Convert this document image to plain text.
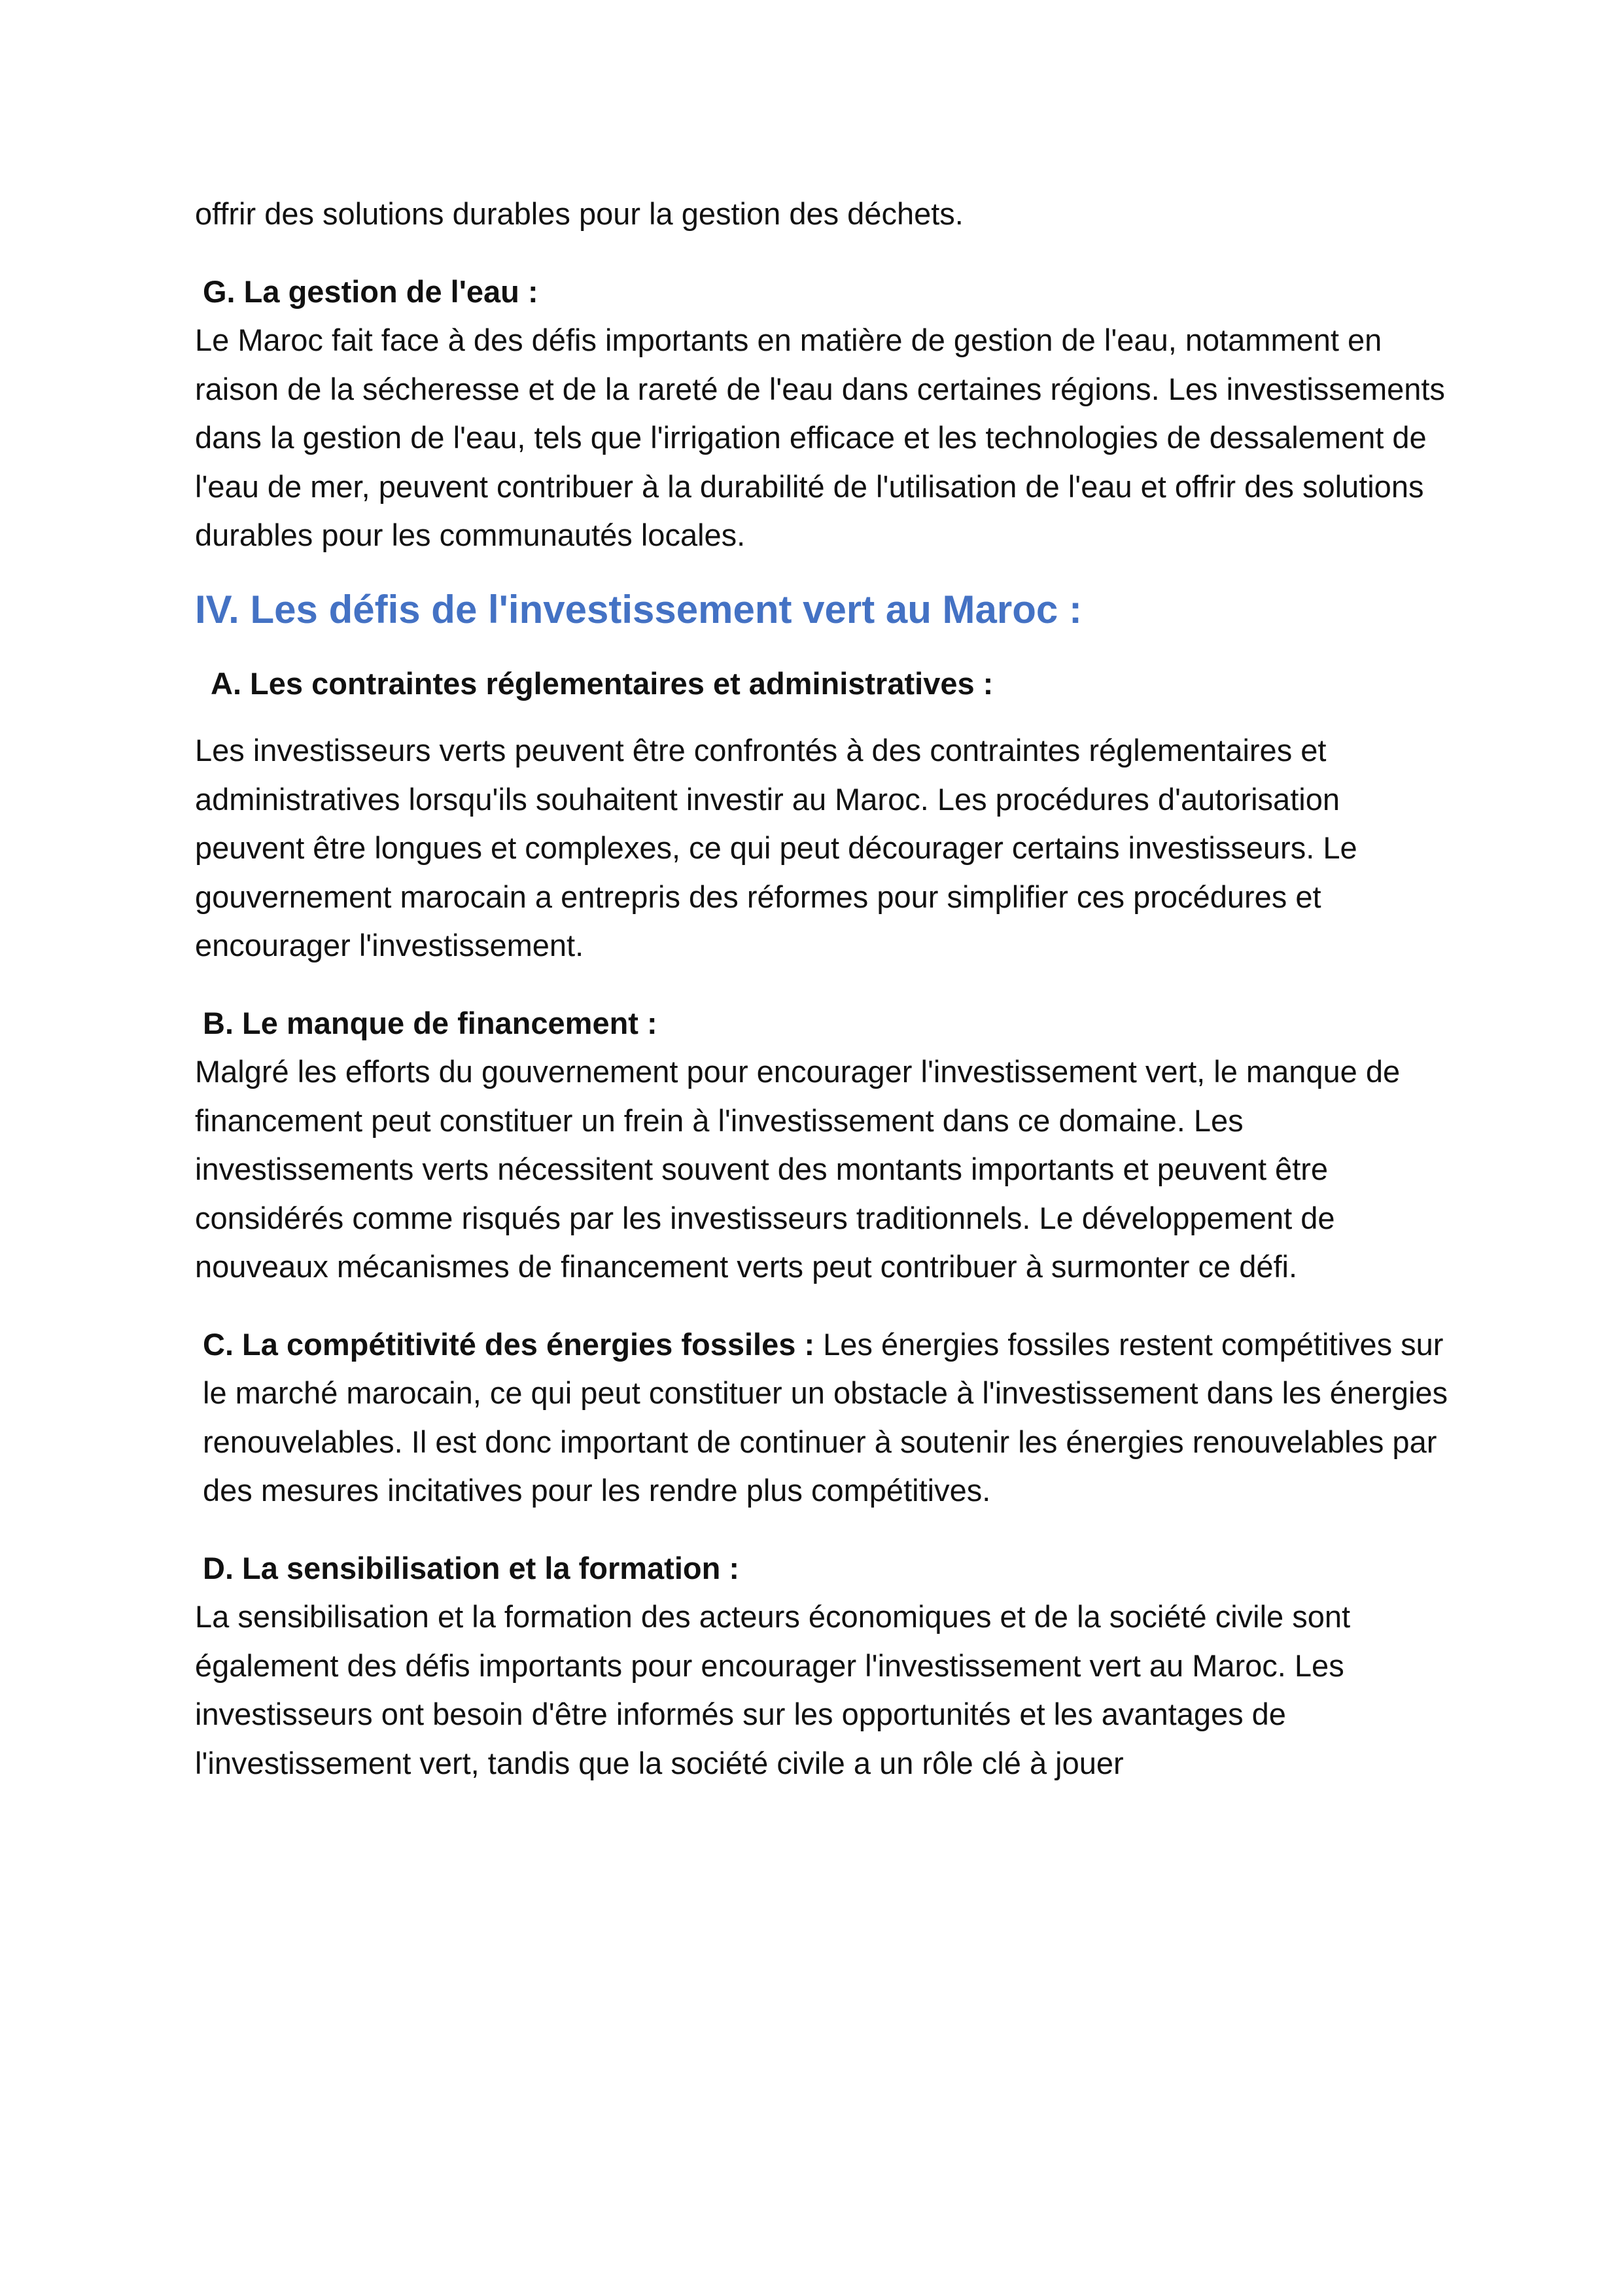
offrir des solutions durables pour la gestion des déchets.

G. La gestion de l'eau :

Le Maroc fait face à des défis importants en matière de gestion de l'eau, notamment en raison de la sécheresse et de la rareté de l'eau dans certaines régions. Les investissements dans la gestion de l'eau, tels que l'irrigation efficace et les technologies de dessalement de l'eau de mer, peuvent contribuer à la durabilité de l'utilisation de l'eau et offrir des solutions durables pour les communautés locales.

IV. Les défis de l'investissement vert au Maroc :

A. Les contraintes réglementaires et administratives :

Les investisseurs verts peuvent être confrontés à des contraintes réglementaires et administratives lorsqu'ils souhaitent investir au Maroc. Les procédures d'autorisation peuvent être longues et complexes, ce qui peut décourager certains investisseurs. Le gouvernement marocain a entrepris des réformes pour simplifier ces procédures et encourager l'investissement.

B. Le manque de financement :

Malgré les efforts du gouvernement pour encourager l'investissement vert, le manque de financement peut constituer un frein à l'investissement dans ce domaine. Les investissements verts nécessitent souvent des montants importants et peuvent être considérés comme risqués par les investisseurs traditionnels. Le développement de nouveaux mécanismes de financement verts peut contribuer à surmonter ce défi.

C. La compétitivité des énergies fossiles : Les énergies fossiles restent compétitives sur le marché marocain, ce qui peut constituer un obstacle à l'investissement dans les énergies renouvelables. Il est donc important de continuer à soutenir les énergies renouvelables par des mesures incitatives pour les rendre plus compétitives.

D. La sensibilisation et la formation :

La sensibilisation et la formation des acteurs économiques et de la société civile sont également des défis importants pour encourager l'investissement vert au Maroc. Les investisseurs ont besoin d'être informés sur les opportunités et les avantages de l'investissement vert, tandis que la société civile a un rôle clé à jouer
